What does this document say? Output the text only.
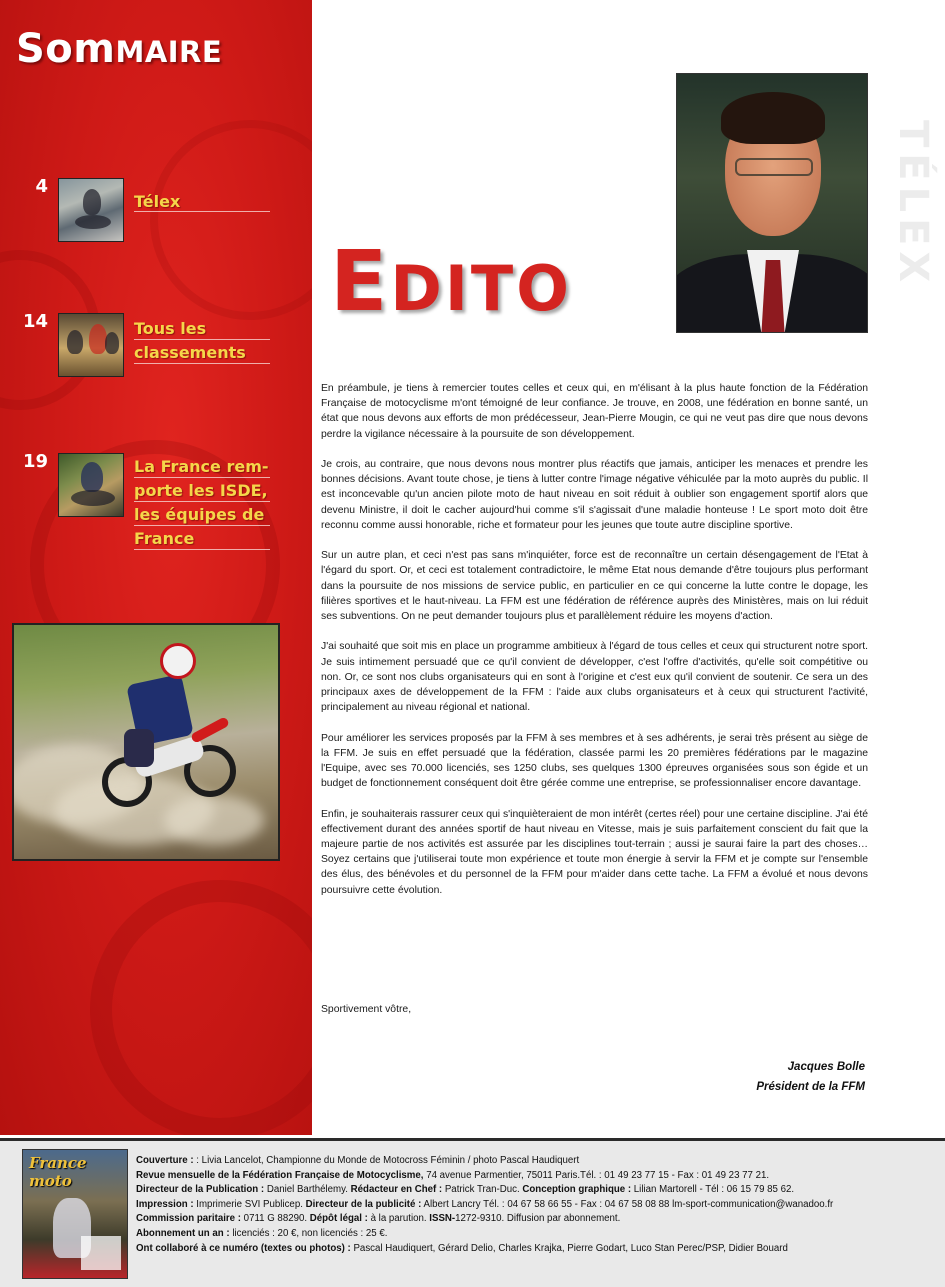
SomMAIRE
4
Télex
14	Tous les
classements
19	La France rem-
porte les ISDE,
les équipes de
France
EDITO
TÉLEX

En préambule, je tiens à remercier toutes celles et ceux qui, en m'élisant à la plus haute fonction de la Fédération Française de motocyclisme m'ont témoigné de leur confiance. Je trouve, en 2008, une fédération en bonne santé, un état que nous devons aux efforts de mon prédécesseur, Jean-Pierre Mougin, ce qui ne veut pas dire que nous devons perdre la vigilance nécessaire à la poursuite de son développement.

Je crois, au contraire, que nous devons nous montrer plus réactifs que jamais, anticiper les menaces et prendre les bonnes décisions. Avant toute chose, je tiens à lutter contre l'image négative véhiculée par la moto auprès du public. Il est inconcevable qu'un ancien pilote moto de haut niveau en soit réduit à oublier son engagement sportif alors que devenu Ministre, il doit le cacher aujourd'hui comme s'il s'agissait d'une maladie honteuse ! Le sport moto doit être reconnu comme aussi honorable, riche et formateur pour les jeunes que toute autre discipline sportive.

Sur un autre plan, et ceci n'est pas sans m'inquiéter, force est de reconnaître un certain désengagement de l'Etat à l'égard du sport. Or, et ceci est totalement contradictoire, le même Etat nous demande d'être toujours plus performant dans la poursuite de nos missions de service public, en particulier en ce qui concerne la lutte contre le dopage, les filières sportives et le haut-niveau. La FFM est une fédération de référence auprès des Ministères, mais on lui réduit ses subventions. On ne peut demander toujours plus et parallèlement réduire les moyens d'action.

J'ai souhaité que soit mis en place un programme ambitieux à l'égard de tous celles et ceux qui structurent notre sport. Je suis intimement persuadé que ce qu'il convient de développer, c'est l'offre d'activités, qu'elle soit compétitive ou non. Or, ce sont nos clubs organisateurs qui en sont à l'origine et c'est eux qu'il convient de soutenir. Ce sera un des principaux axes de développement de la FFM : l'aide aux clubs organisateurs et à ceux qui structurent l'activité, principalement au niveau régional et national.

Pour améliorer les services proposés par la FFM à ses membres et à ses adhérents, je serai très présent au siège de la FFM. Je suis en effet persuadé que la fédération, classée parmi les 20 premières fédérations par le magazine l'Equipe, avec ses 70.000 licenciés, ses 1250 clubs, ses quelques 1300 épreuves organisées sous son égide et un budget de fonctionnement conséquent doit être gérée comme une entreprise, se professionnaliser encore davantage.

Enfin, je souhaiterais rassurer ceux qui s'inquièteraient de mon intérêt (certes réel) pour une certaine discipline. J'ai été effectivement durant des années sportif de haut niveau en Vitesse, mais je suis parfaitement conscient du fait que la majeure partie de nos activités est assurée par les disciplines tout-terrain ; aussi je saurai faire la part des choses… Soyez certains que j'utiliserai toute mon expérience et toute mon énergie à servir la FFM et je compte sur l'ensemble des élus, des bénévoles et du personnel de la FFM pour m'aider dans cette tache. La FFM a évolué et nous devons poursuivre cette évolution.

Sportivement vôtre,
Jacques Bolle
Président de la FFM
France moto
Couverture : : Livia Lancelot, Championne du Monde de Motocross Féminin / photo Pascal Haudiquert
Revue mensuelle de la Fédération Française de Motocyclisme, 74 avenue Parmentier, 75011 Paris.Tél. : 01 49 23 77 15 - Fax : 01 49 23 77 21.
Directeur de la Publication : Daniel Barthélemy. Rédacteur en Chef : Patrick Tran-Duc. Conception graphique : Lilian Martorell - Tél : 06 15 79 85 62.
Impression : Imprimerie SVI Publicep. Directeur de la publicité : Albert Lancry Tél. : 04 67 58 66 55 - Fax : 04 67 58 08 88 lm-sport-communication@wanadoo.fr
Commission paritaire : 0711 G 88290. Dépôt légal : à la parution. ISSN-1272-9310. Diffusion par abonnement.
Abonnement un an : licenciés : 20 €, non licenciés : 25 €.
Ont collaboré à ce numéro (textes ou photos) : Pascal Haudiquert, Gérard Delio, Charles Krajka, Pierre Godart, Luco Stan Perec/PSP, Didier Bouard
